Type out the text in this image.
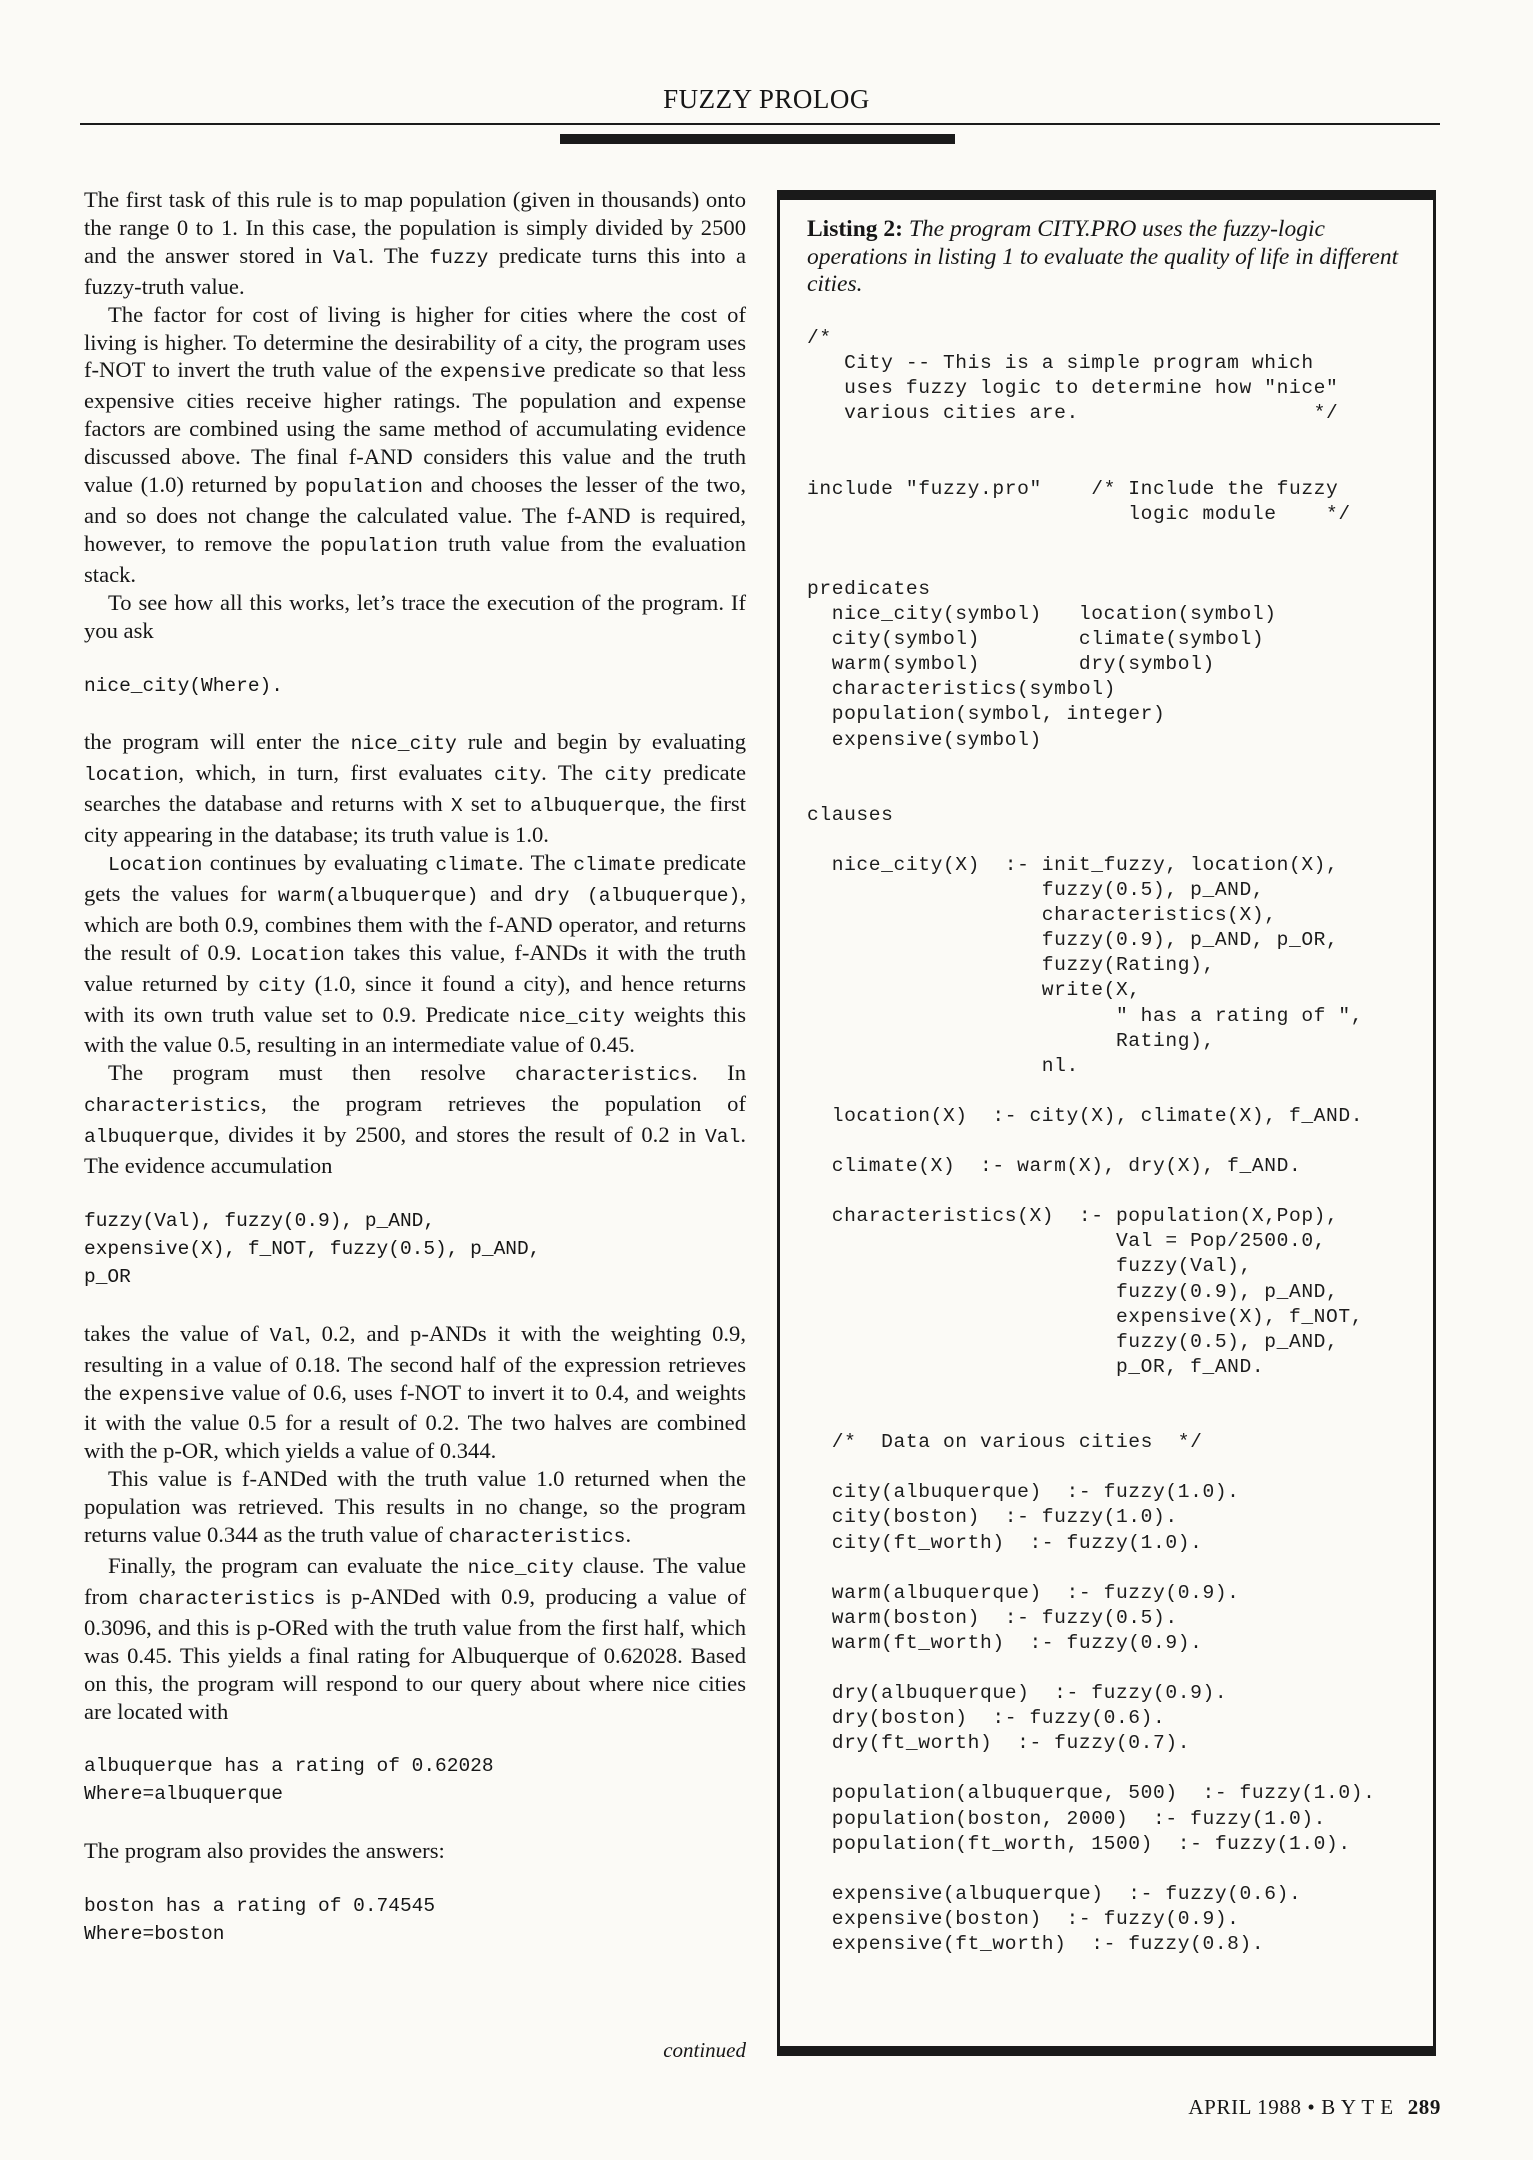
FUZZY PROLOG

The first task of this rule is to map population (given in thousands) onto the range 0 to 1. In this case, the population is simply divided by 2500 and the answer stored in Val. The fuzzy predicate turns this into a fuzzy-truth value.

The factor for cost of living is higher for cities where the cost of living is higher. To determine the desirability of a city, the program uses f-NOT to invert the truth value of the expensive predicate so that less expensive cities receive higher ratings. The population and expense factors are combined using the same method of accumulating evidence discussed above. The final f-AND considers this value and the truth value (1.0) returned by population and chooses the lesser of the two, and so does not change the calculated value. The f-AND is required, however, to remove the population truth value from the evaluation stack.

To see how all this works, let’s trace the execution of the program. If you ask

nice_city(Where).

the program will enter the nice_city rule and begin by evaluating location, which, in turn, first evaluates city. The city predicate searches the database and returns with X set to albuquerque, the first city appearing in the database; its truth value is 1.0.

Location continues by evaluating climate. The climate predicate gets the values for warm(albuquerque) and dry (albuquerque), which are both 0.9, combines them with the f-AND operator, and returns the result of 0.9. Location takes this value, f-ANDs it with the truth value returned by city (1.0, since it found a city), and hence returns with its own truth value set to 0.9. Predicate nice_city weights this with the value 0.5, resulting in an intermediate value of 0.45.

The program must then resolve characteristics. In characteristics, the program retrieves the population of albuquerque, divides it by 2500, and stores the result of 0.2 in Val. The evidence accumulation

fuzzy(Val), fuzzy(0.9), p_AND,
expensive(X), f_NOT, fuzzy(0.5), p_AND,
p_OR

takes the value of Val, 0.2, and p-ANDs it with the weighting 0.9, resulting in a value of 0.18. The second half of the expression retrieves the expensive value of 0.6, uses f-NOT to invert it to 0.4, and weights it with the value 0.5 for a result of 0.2. The two halves are combined with the p-OR, which yields a value of 0.344.

This value is f-ANDed with the truth value 1.0 returned when the population was retrieved. This results in no change, so the program returns value 0.344 as the truth value of characteristics.

Finally, the program can evaluate the nice_city clause. The value from characteristics is p-ANDed with 0.9, producing a value of 0.3096, and this is p-ORed with the truth value from the first half, which was 0.45. This yields a final rating for Albuquerque of 0.62028. Based on this, the program will respond to our query about where nice cities are located with

albuquerque has a rating of 0.62028
Where=albuquerque

The program also provides the answers:

boston has a rating of 0.74545
Where=boston
continued
Listing 2: The program CITY.PRO uses the fuzzy-logic operations in listing 1 to evaluate the quality of life in different cities.
/*
City -- This is a simple program which
uses fuzzy logic to determine how "nice"
various cities are.                   */

include "fuzzy.pro"    /* Include the fuzzy
logic module    */

predicates
nice_city(symbol)   location(symbol)
city(symbol)        climate(symbol)
warm(symbol)        dry(symbol)
characteristics(symbol)
population(symbol, integer)
expensive(symbol)

clauses

nice_city(X)  :- init_fuzzy, location(X),
fuzzy(0.5), p_AND,
characteristics(X),
fuzzy(0.9), p_AND, p_OR,
fuzzy(Rating),
write(X,
" has a rating of ",
Rating),
nl.

location(X)  :- city(X), climate(X), f_AND.

climate(X)  :- warm(X), dry(X), f_AND.

characteristics(X)  :- population(X,Pop),
Val = Pop/2500.0,
fuzzy(Val),
fuzzy(0.9), p_AND,
expensive(X), f_NOT,
fuzzy(0.5), p_AND,
p_OR, f_AND.

/*  Data on various cities  */

city(albuquerque)  :- fuzzy(1.0).
city(boston)  :- fuzzy(1.0).
city(ft_worth)  :- fuzzy(1.0).

warm(albuquerque)  :- fuzzy(0.9).
warm(boston)  :- fuzzy(0.5).
warm(ft_worth)  :- fuzzy(0.9).

dry(albuquerque)  :- fuzzy(0.9).
dry(boston)  :- fuzzy(0.6).
dry(ft_worth)  :- fuzzy(0.7).

population(albuquerque, 500)  :- fuzzy(1.0).
population(boston, 2000)  :- fuzzy(1.0).
population(ft_worth, 1500)  :- fuzzy(1.0).

expensive(albuquerque)  :- fuzzy(0.6).
expensive(boston)  :- fuzzy(0.9).
expensive(ft_worth)  :- fuzzy(0.8).
APRIL 1988 • B Y T E 289
